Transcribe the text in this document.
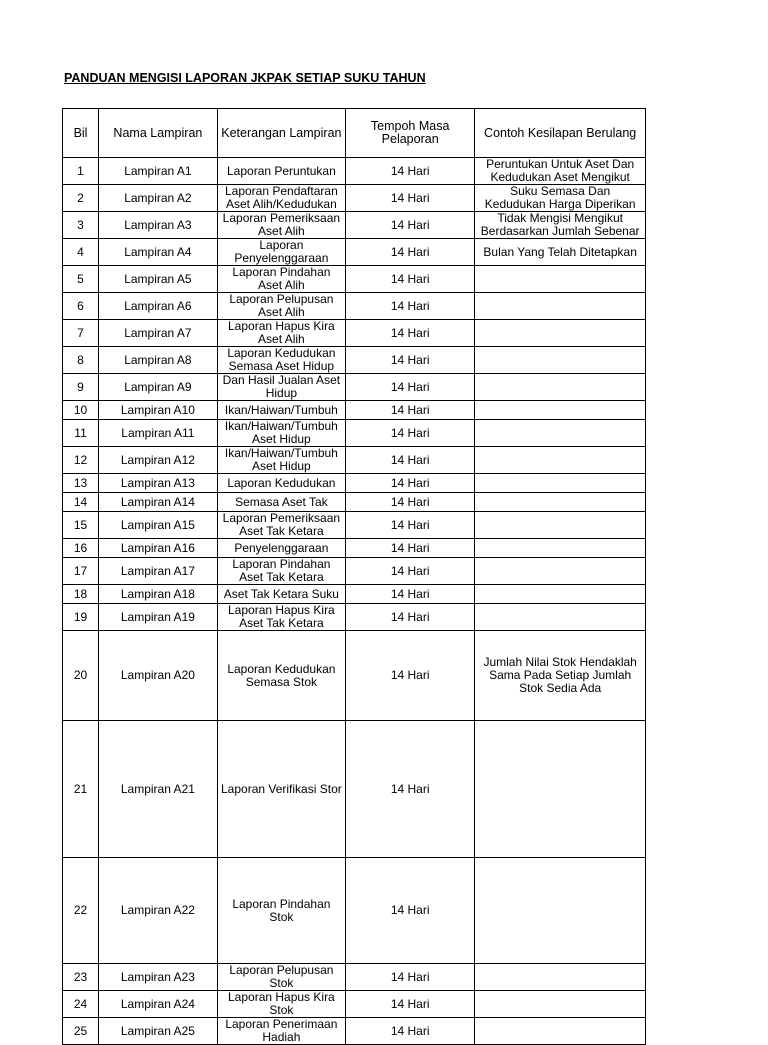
PANDUAN MENGISI LAPORAN JKPAK SETIAP SUKU TAHUN
Bil	Nama Lampiran	Keterangan Lampiran	Tempoh Masa Pelaporan	Contoh Kesilapan Berulang
1	Lampiran A1	Laporan Peruntukan	14 Hari	Peruntukan Untuk Aset Dan Kedudukan Aset Mengikut
2	Lampiran A2	Laporan Pendaftaran Aset Alih/Kedudukan	14 Hari	Suku Semasa Dan Kedudukan Harga Diperikan
3	Lampiran A3	Laporan Pemeriksaan Aset Alih	14 Hari	Tidak Mengisi Mengikut Berdasarkan Jumlah Sebenar
4	Lampiran A4	Laporan Penyelenggaraan	14 Hari	Bulan Yang Telah Ditetapkan
5	Lampiran A5	Laporan Pindahan Aset Alih	14 Hari	
6	Lampiran A6	Laporan Pelupusan Aset Alih	14 Hari	
7	Lampiran A7	Laporan Hapus Kira Aset Alih	14 Hari	
8	Lampiran A8	Laporan Kedudukan Semasa Aset Hidup	14 Hari	
9	Lampiran A9	Dan Hasil Jualan Aset Hidup	14 Hari	
10	Lampiran A10	Ikan/Haiwan/Tumbuh	14 Hari	
11	Lampiran A11	Ikan/Haiwan/Tumbuh Aset Hidup	14 Hari	
12	Lampiran A12	Ikan/Haiwan/Tumbuh Aset Hidup	14 Hari	
13	Lampiran A13	Laporan Kedudukan	14 Hari	
14	Lampiran A14	Semasa Aset Tak	14 Hari	
15	Lampiran A15	Laporan Pemeriksaan Aset Tak Ketara	14 Hari	
16	Lampiran A16	Penyelenggaraan	14 Hari	
17	Lampiran A17	Laporan Pindahan Aset Tak Ketara	14 Hari	
18	Lampiran A18	Aset Tak Ketara Suku	14 Hari	
19	Lampiran A19	Laporan Hapus Kira Aset Tak Ketara	14 Hari	
20	Lampiran A20	Laporan Kedudukan Semasa Stok	14 Hari	Jumlah Nilai Stok Hendaklah Sama Pada Setiap Jumlah Stok Sedia Ada
21	Lampiran A21	Laporan Verifikasi Stor	14 Hari	
22	Lampiran A22	Laporan Pindahan Stok	14 Hari	
23	Lampiran A23	Laporan Pelupusan Stok	14 Hari	
24	Lampiran A24	Laporan Hapus Kira Stok	14 Hari	
25	Lampiran A25	Laporan Penerimaan Hadiah	14 Hari	
